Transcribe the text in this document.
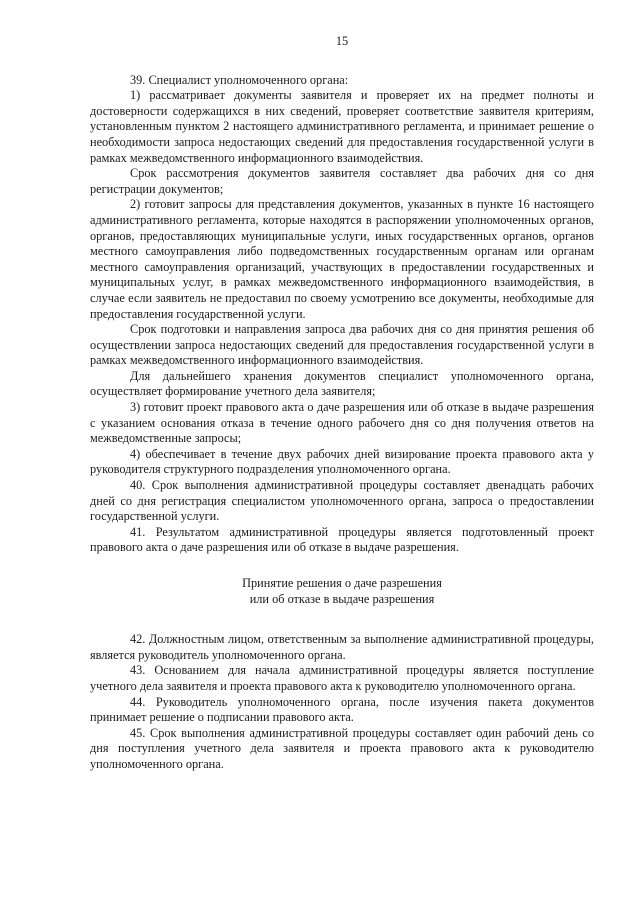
15

39. Специалист уполномоченного органа:

1) рассматривает документы заявителя и проверяет их на предмет полноты и достоверности содержащихся в них сведений, проверяет соответствие заявителя критериям, установленным пунктом 2 настоящего административного регламента, и принимает решение о необходимости запроса недостающих сведений для предоставления государственной услуги в рамках межведомственного информационного взаимодействия.

Срок рассмотрения документов заявителя составляет два рабочих дня со дня регистрации документов;

2) готовит запросы для представления документов, указанных в пункте 16 настоящего административного регламента, которые находятся в распоряжении уполномоченных органов, органов, предоставляющих муниципальные услуги, иных государственных органов, органов местного самоуправления либо подведомственных государственным органам или органам местного самоуправления организаций, участвующих в предоставлении государственных и муниципальных услуг, в рамках межведомственного информационного взаимодействия, в случае если заявитель не предоставил по своему усмотрению все документы, необходимые для предоставления государственной услуги.

Срок подготовки и направления запроса два рабочих дня со дня принятия решения об осуществлении запроса недостающих сведений для предоставления государственной услуги в рамках межведомственного информационного взаимодействия.

Для дальнейшего хранения документов специалист уполномоченного органа, осуществляет формирование учетного дела заявителя;

3) готовит проект правового акта о даче разрешения или об отказе в выдаче разрешения с указанием основания отказа в течение одного рабочего дня со дня получения ответов на межведомственные запросы;

4) обеспечивает в течение двух рабочих дней визирование проекта правового акта у руководителя структурного подразделения уполномоченного органа.

40. Срок выполнения административной процедуры составляет двенадцать рабочих дней со дня регистрация специалистом уполномоченного органа, запроса о предоставлении государственной услуги.

41. Результатом административной процедуры является подготовленный проект правового акта о даче разрешения или об отказе в выдаче разрешения.

Принятие решения о даче разрешения
или об отказе в выдаче разрешения

42. Должностным лицом, ответственным за выполнение административной процедуры, является руководитель уполномоченного органа.

43. Основанием для начала административной процедуры является поступление учетного дела заявителя и проекта правового акта к руководителю уполномоченного органа.

44. Руководитель уполномоченного органа, после изучения пакета документов принимает решение о подписании правового акта.

45. Срок выполнения административной процедуры составляет один рабочий день со дня поступления учетного дела заявителя и проекта правового акта к руководителю уполномоченного органа.
